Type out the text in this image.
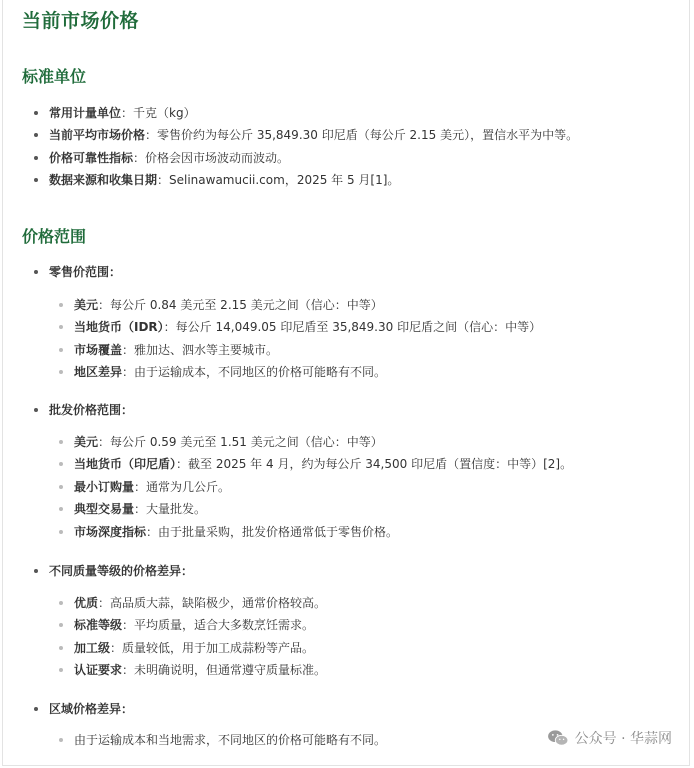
当前市场价格
标准单位
常用计量单位：千克（kg）
当前平均市场价格：零售价约为每公斤 35,849.30 印尼盾（每公斤 2.15 美元），置信水平为中等。
价格可靠性指标：价格会因市场波动而波动。
数据来源和收集日期：Selinawamucii.com，2025 年 5 月[1]。
价格范围
零售价范围：
美元：每公斤 0.84 美元至 2.15 美元之间（信心：中等）
当地货币（IDR）：每公斤 14,049.05 印尼盾至 35,849.30 印尼盾之间（信心：中等）
市场覆盖：雅加达、泗水等主要城市。
地区差异：由于运输成本，不同地区的价格可能略有不同。
批发价格范围：
美元：每公斤 0.59 美元至 1.51 美元之间（信心：中等）
当地货币（印尼盾）：截至 2025 年 4 月，约为每公斤 34,500 印尼盾（置信度：中等）[2]。
最小订购量：通常为几公斤。
典型交易量：大量批发。
市场深度指标：由于批量采购，批发价格通常低于零售价格。
不同质量等级的价格差异：
优质：高品质大蒜，缺陷极少，通常价格较高。
标准等级：平均质量，适合大多数烹饪需求。
加工级：质量较低，用于加工成蒜粉等产品。
认证要求：未明确说明，但通常遵守质量标准。
区域价格差异：
由于运输成本和当地需求，不同地区的价格可能略有不同。	公众号 · 华蒜网
